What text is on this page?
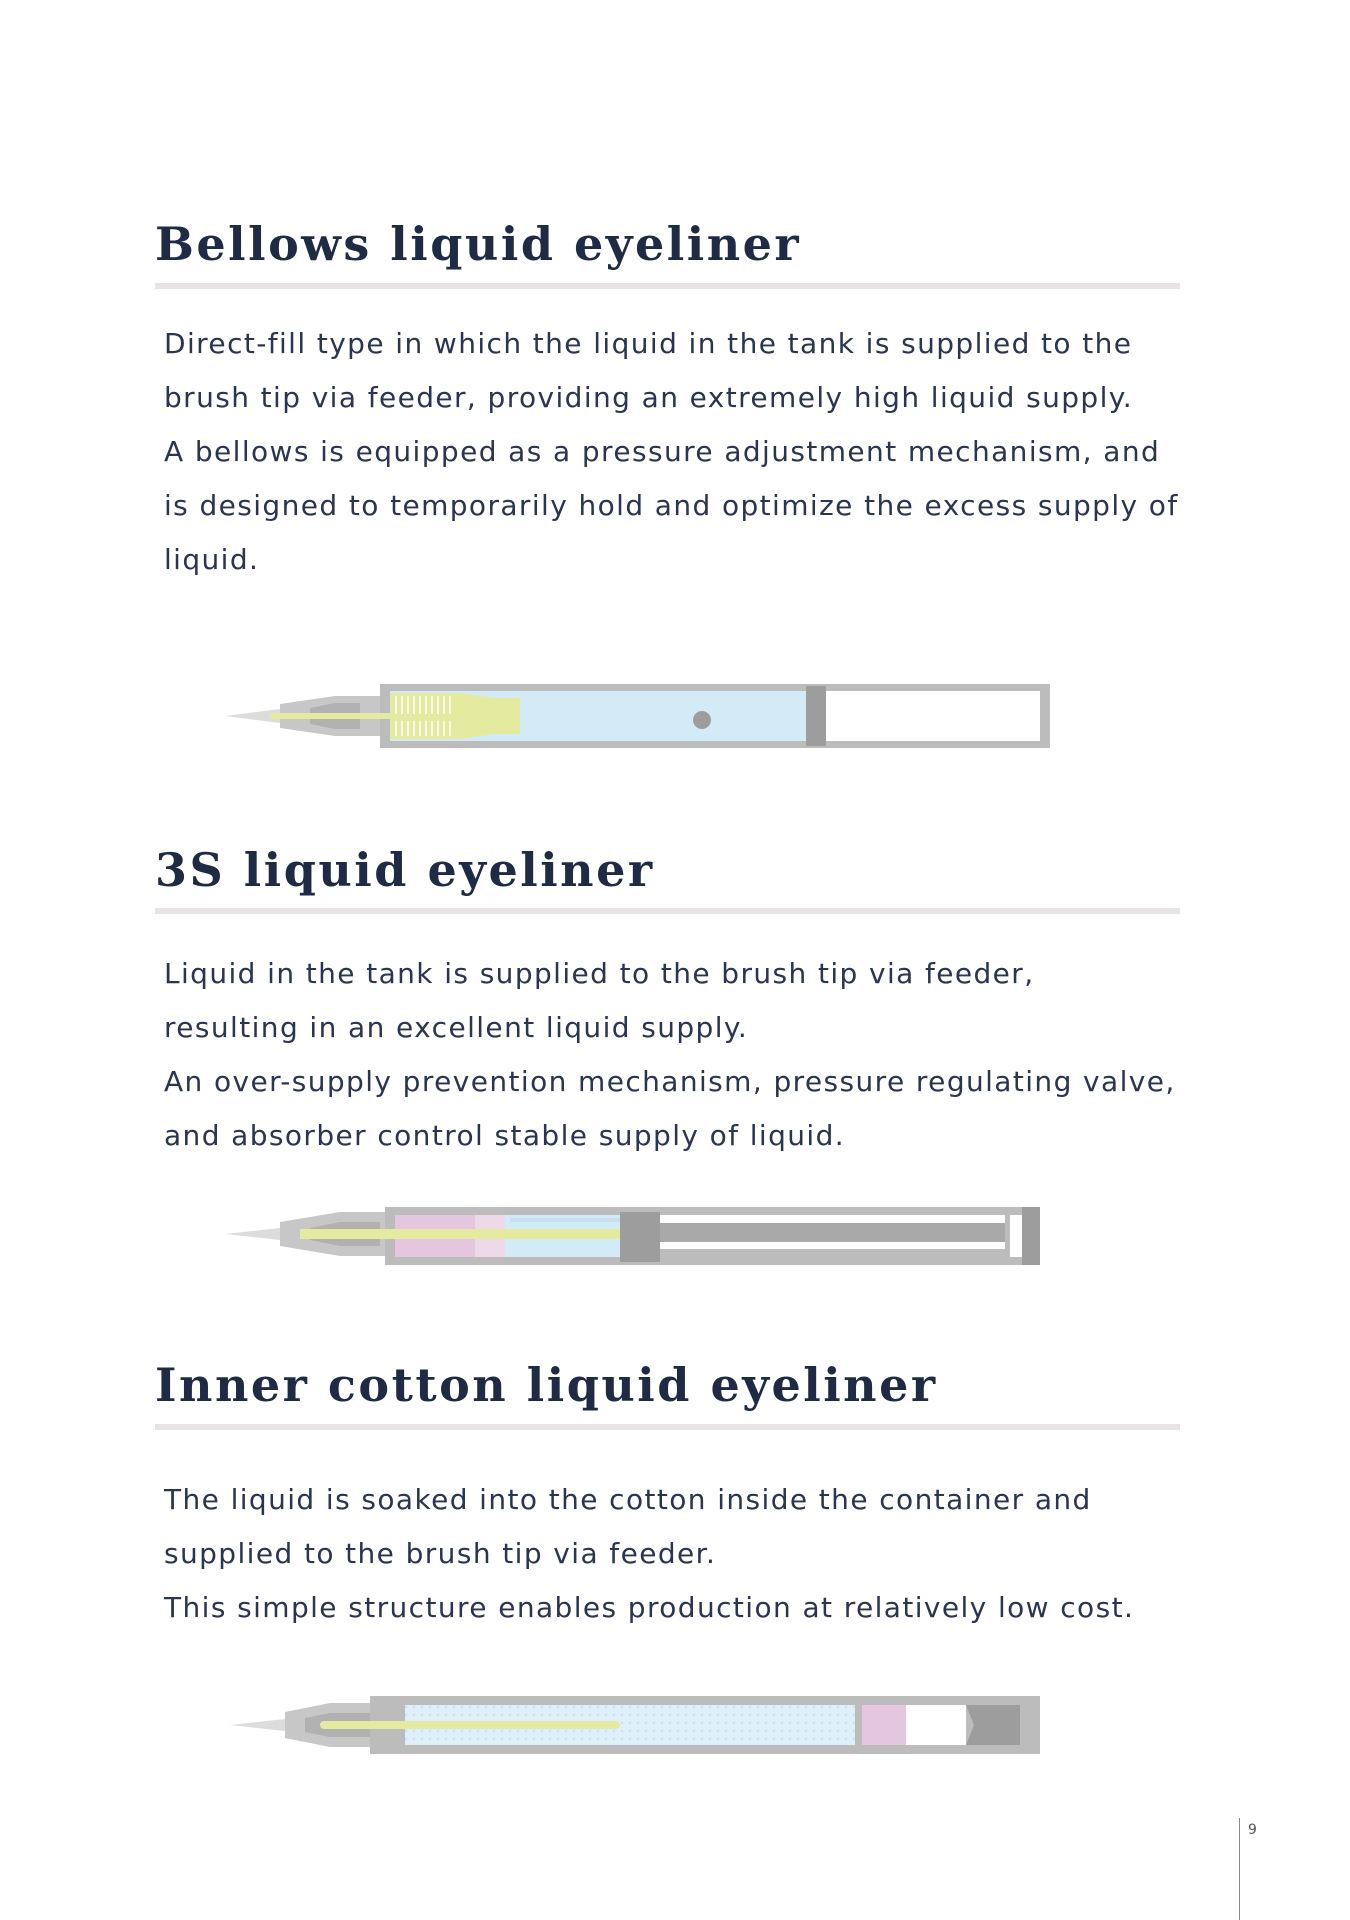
Bellows liquid eyeliner

Direct-fill type in which the liquid in the tank is supplied to the

brush tip via feeder, providing an extremely high liquid supply.

A bellows is equipped as a pressure adjustment mechanism, and

is designed to temporarily hold and optimize the excess supply of

liquid.

3S liquid eyeliner

Liquid in the tank is supplied to the brush tip via feeder,

resulting in an excellent liquid supply.

An over-supply prevention mechanism, pressure regulating valve,

and absorber control stable supply of liquid.

Inner cotton liquid eyeliner

The liquid is soaked into the cotton inside the container and

supplied to the brush tip via feeder.

This simple structure enables production at relatively low cost.

9
